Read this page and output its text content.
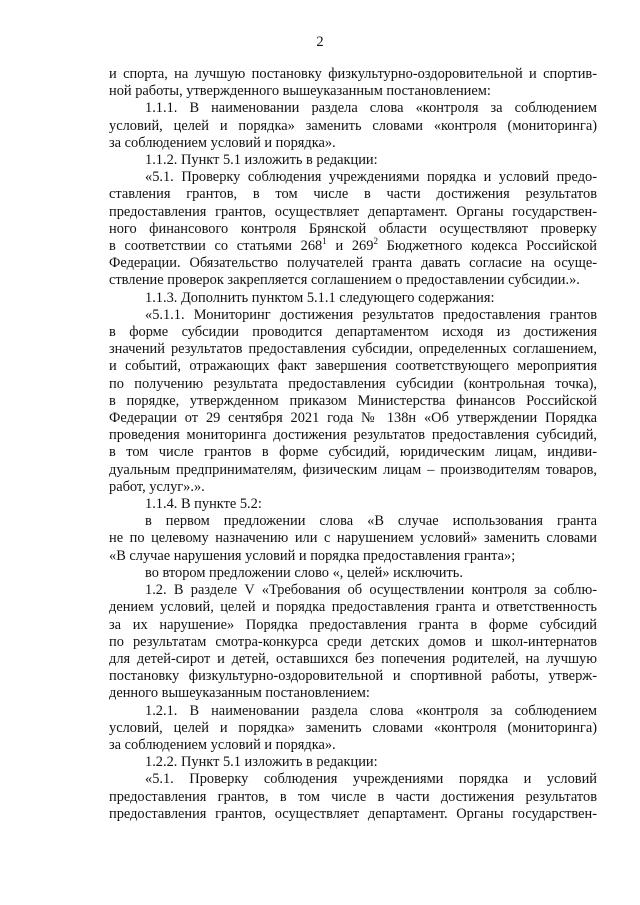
2

и спорта, на лучшую постановку физкультурно-оздоровительной и спортив-

ной работы, утвержденного вышеуказанным постановлением:

1.1.1. В наименовании раздела слова «контроля за соблюдением

условий, целей и порядка» заменить словами «контроля (мониторинга)

за соблюдением условий и порядка».

1.1.2. Пункт 5.1 изложить в редакции:

«5.1. Проверку соблюдения учреждениями порядка и условий предо-

ставления грантов, в том числе в части достижения результатов

предоставления грантов, осуществляет департамент. Органы государствен-

ного финансового контроля Брянской области осуществляют проверку

в соответствии со статьями $268^1$ и $269^2$ Бюджетного кодекса Российской

Федерации. Обязательство получателей гранта давать согласие на осуще-

ствление проверок закрепляется соглашением о предоставлении субсидии.».

1.1.3. Дополнить пунктом 5.1.1 следующего содержания:

«5.1.1. Мониторинг достижения результатов предоставления грантов

в форме субсидии проводится департаментом исходя из достижения

значений результатов предоставления субсидии, определенных соглашением,

и событий, отражающих факт завершения соответствующего мероприятия

по получению результата предоставления субсидии (контрольная точка),

в порядке, утвержденном приказом Министерства финансов Российской

Федерации от 29 сентября 2021 года № 138н «Об утверждении Порядка

проведения мониторинга достижения результатов предоставления субсидий,

в том числе грантов в форме субсидий, юридическим лицам, индиви-

дуальным предпринимателям, физическим лицам – производителям товаров,

работ, услуг».».

1.1.4. В пункте 5.2:

в первом предложении слова «В случае использования гранта

не по целевому назначению или с нарушением условий» заменить словами

«В случае нарушения условий и порядка предоставления гранта»;

во втором предложении слово «, целей» исключить.

1.2. В разделе V «Требования об осуществлении контроля за соблю-

дением условий, целей и порядка предоставления гранта и ответственность

за их нарушение» Порядка предоставления гранта в форме субсидий

по результатам смотра-конкурса среди детских домов и школ-интернатов

для детей-сирот и детей, оставшихся без попечения родителей, на лучшую

постановку физкультурно-оздоровительной и спортивной работы, утверж-

денного вышеуказанным постановлением:

1.2.1. В наименовании раздела слова «контроля за соблюдением

условий, целей и порядка» заменить словами «контроля (мониторинга)

за соблюдением условий и порядка».

1.2.2. Пункт 5.1 изложить в редакции:

«5.1. Проверку соблюдения учреждениями порядка и условий

предоставления грантов, в том числе в части достижения результатов

предоставления грантов, осуществляет департамент. Органы государствен-
